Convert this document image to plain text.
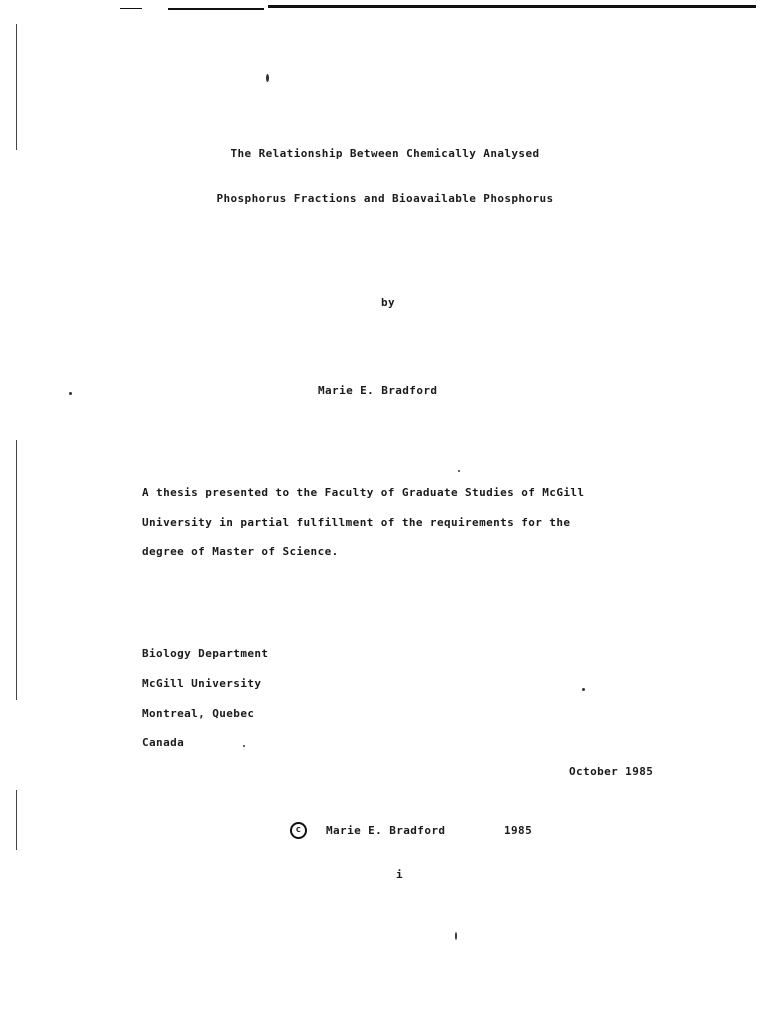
The Relationship Between Chemically Analysed
Phosphorus Fractions and Bioavailable Phosphorus
by
Marie E. Bradford
A thesis presented to the Faculty of Graduate Studies of McGill
University in partial fulfillment of the requirements for the
degree of Master of Science.
Biology Department
McGill University
Montreal, Quebec
Canada
October 1985
c	Marie E. Bradford	1985
i
